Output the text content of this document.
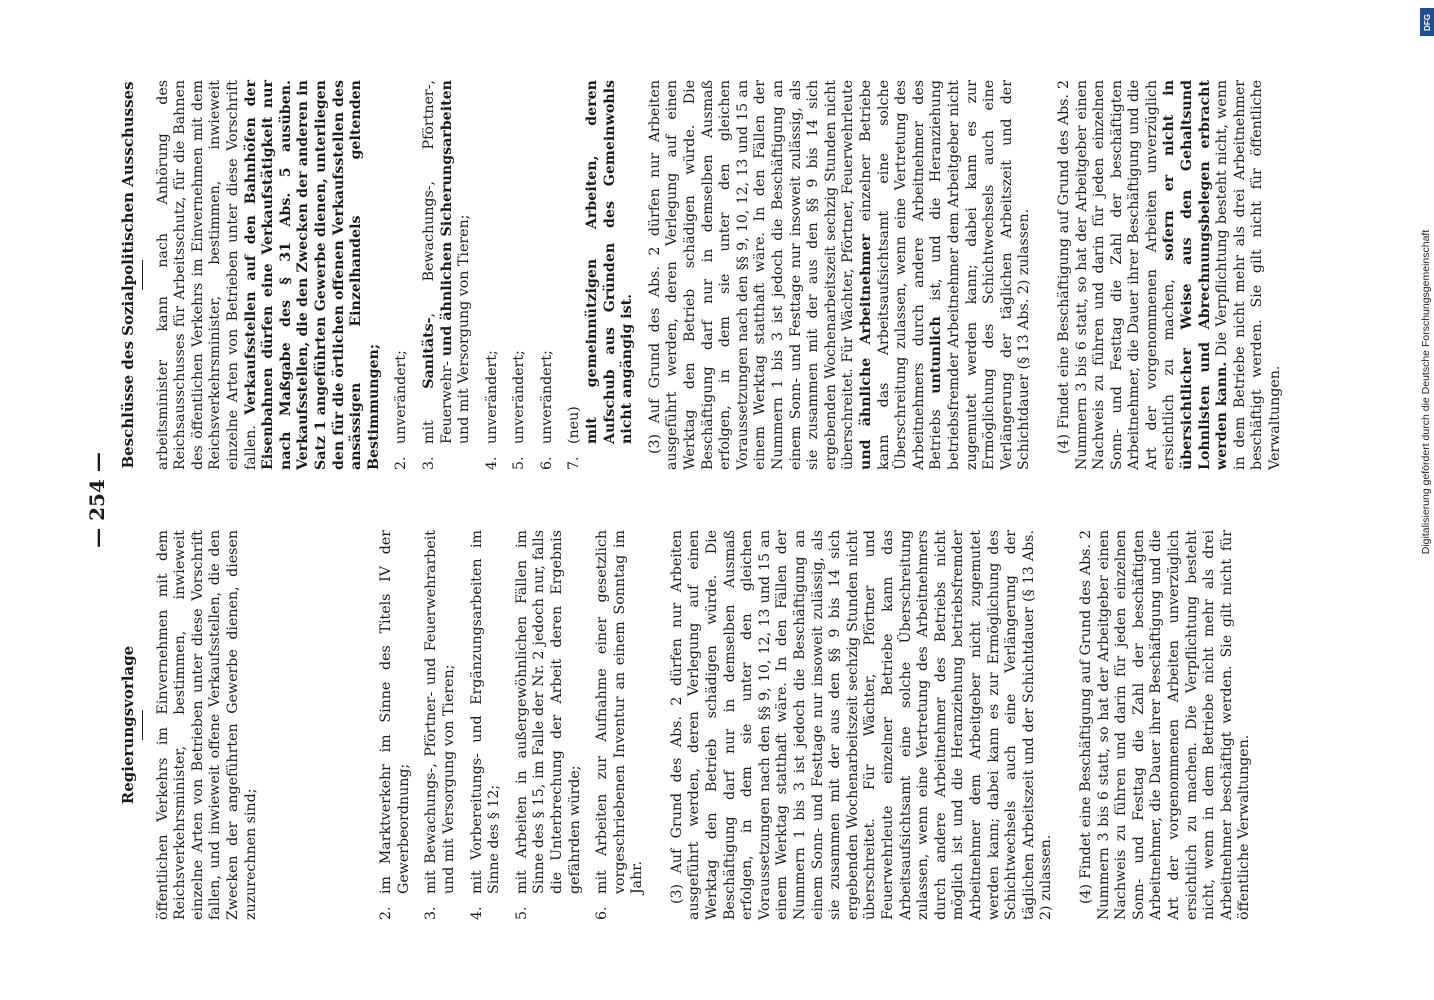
— 254 —
Regierungsvorlage öffentlichen Verkehrs im Einvernehmen mit dem Reichsverkehrsminister, bestimmen, inwieweit einzelne Arten von Betrieben unter diese Vorschrift fallen, und inwieweit offene Verkaufsstellen, die den Zwecken der angeführten Gewerbe dienen, diesen zuzurechnen sind;	2.
im Marktverkehr im Sinne des Titels IV der Gewerbeordnung;
3.
mit Bewachungs-, Pförtner- und Feuerwehrarbeit und mit Versorgung von Tieren;
4.
mit Vorbereitungs- und Ergänzungsarbeiten im Sinne des § 12;
5.
mit Arbeiten in außergewöhnlichen Fällen im Sinne des § 15, im Falle der Nr. 2 jedoch nur, falls die Unterbrechung der Arbeit deren Ergebnis gefährden würde;
6.
mit Arbeiten zur Aufnahme einer gesetzlich vorgeschriebenen Inventur an einem Sonntag im Jahr. (3) Auf Grund des Abs. 2 dürfen nur Arbeiten ausgeführt werden, deren Verlegung auf einen Werktag den Betrieb schädigen würde. Die Beschäftigung darf nur in demselben Ausmaß erfolgen, in dem sie unter den gleichen Voraussetzungen nach den §§ 9, 10, 12, 13 und 15 an einem Werktag statthaft wäre. In den Fällen der Nummern 1 bis 3 ist jedoch die Beschäftigung an einem Sonn- und Festtage nur insoweit zulässig, als sie zusammen mit der aus den §§ 9 bis 14 sich ergebenden Wochenarbeitszeit sechzig Stunden nicht überschreitet. Für Wächter, Pförtner und Feuerwehrleute einzelner Betriebe kann das Arbeitsaufsichtsamt eine solche Überschreitung zulassen, wenn eine Vertretung des Arbeitnehmers durch andere Arbeitnehmer des Betriebs nicht möglich ist und die Heranziehung betriebsfremder Arbeitnehmer dem Arbeitgeber nicht zugemutet werden kann; dabei kann es zur Ermöglichung des Schichtwechsels auch eine Verlängerung der täglichen Arbeitszeit und der Schichtdauer (§ 13 Abs. 2) zulassen. (4) Findet eine Beschäftigung auf Grund des Abs. 2 Nummern 3 bis 6 statt, so hat der Arbeitgeber einen Nachweis zu führen und darin für jeden einzelnen Sonn- und Festtag die Zahl der beschäftigten Arbeitnehmer, die Dauer ihrer Beschäftigung und die Art der vorgenommenen Arbeiten unverzüglich ersichtlich zu machen. Die Verpflichtung besteht nicht, wenn in dem Betriebe nicht mehr als drei Arbeitnehmer beschäftigt werden. Sie gilt nicht für öffentliche Verwaltungen.

Beschlüsse des Sozialpolitischen Ausschusses arbeitsminister kann nach Anhörung des Reichsausschusses für Arbeitsschutz, für die Bahnen des öffentlichen Verkehrs im Einvernehmen mit dem Reichsverkehrsminister, bestimmen, inwieweit einzelne Arten von Betrieben unter diese Vorschrift fallen. Verkaufsstellen auf den Bahnhöfen der Eisenbahnen dürfen eine Verkaufstätigkeit nur nach Maßgabe des § 31 Abs. 5 ausüben. Verkaufsstellen, die den Zwecken der anderen in Satz 1 angeführten Gewerbe dienen, unterliegen den für die örtlichen offenen Verkaufsstellen des ansässigen Einzelhandels geltenden Bestimmungen; 2.
unverändert;
3.
mit Sanitäts-, Bewachungs-, Pförtner-, Feuerwehr- und ähnlichen Sicherungsarbeiten und mit Versorgung von Tieren;
4.
unverändert;
5.
unverändert;
6.
unverändert;
7.
(neu) mit gemeinnützigen Arbeiten, deren Aufschub aus Gründen des Gemeinwohls nicht angängig ist. (3) Auf Grund des Abs. 2 dürfen nur Arbeiten ausgeführt werden, deren Verlegung auf einen Werktag den Betrieb schädigen würde. Die Beschäftigung darf nur in demselben Ausmaß erfolgen, in dem sie unter den gleichen Voraussetzungen nach den §§ 9, 10, 12, 13 und 15 an einem Werktag statthaft wäre. In den Fällen der Nummern 1 bis 3 ist jedoch die Beschäftigung an einem Sonn- und Festtage nur insoweit zulässig, als sie zusammen mit der aus den §§ 9 bis 14 sich ergebenden Wochenarbeitszeit sechzig Stunden nicht überschreitet. Für Wächter, Pförtner, Feuerwehrleute und ähnliche Arbeitnehmer einzelner Betriebe kann das Arbeitsaufsichtsamt eine solche Überschreitung zulassen, wenn eine Vertretung des Arbeitnehmers durch andere Arbeitnehmer des Betriebs untunlich ist, und die Heranziehung betriebsfremder Arbeitnehmer dem Arbeitgeber nicht zugemutet werden kann; dabei kann es zur Ermöglichung des Schichtwechsels auch eine Verlängerung der täglichen Arbeitszeit und der Schichtdauer (§ 13 Abs. 2) zulassen. (4) Findet eine Beschäftigung auf Grund des Abs. 2 Nummern 3 bis 6 statt, so hat der Arbeitgeber einen Nachweis zu führen und darin für jeden einzelnen Sonn- und Festtag die Zahl der beschäftigten Arbeitnehmer, die Dauer ihrer Beschäftigung und die Art der vorgenommenen Arbeiten unverzüglich ersichtlich zu machen, sofern er nicht in übersichtlicher Weise aus den Gehaltsund Lohnlisten und Abrechnungsbelegen erbracht werden kann. Die Verpflichtung besteht nicht, wenn in dem Betriebe nicht mehr als drei Arbeitnehmer beschäftigt werden. Sie gilt nicht für öffentliche Verwaltungen.	Digitalisierung gefördert durch die Deutsche Forschungsgemeinschaft
DFG
